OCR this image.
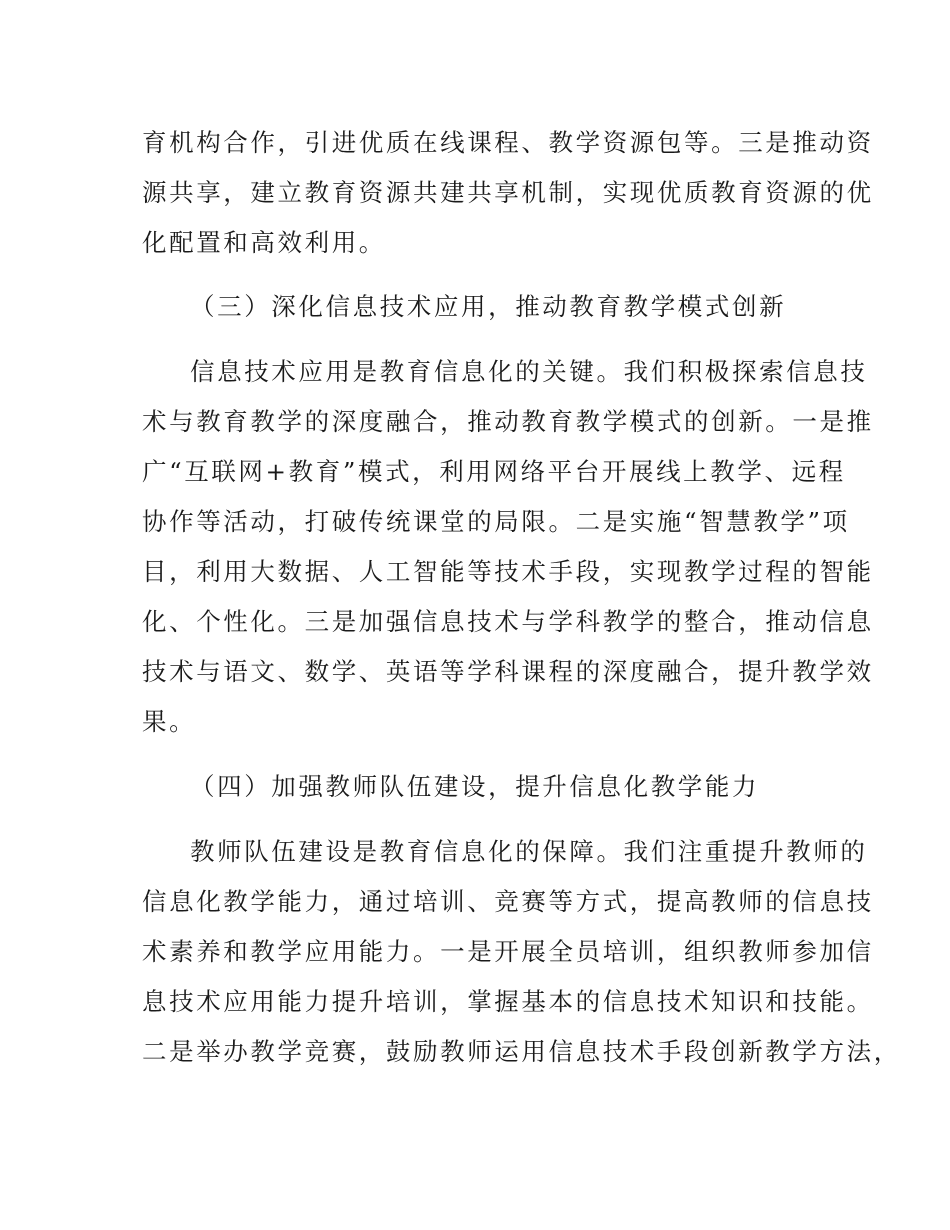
育机构合作，引进优质在线课程、教学资源包等。三是推动资
源共享，建立教育资源共建共享机制，实现优质教育资源的优
化配置和高效利用。
（三）深化信息技术应用，推动教育教学模式创新
信息技术应用是教育信息化的关键。我们积极探索信息技
术与教育教学的深度融合，推动教育教学模式的创新。一是推
广“互联网+教育”模式，利用网络平台开展线上教学、远程
协作等活动，打破传统课堂的局限。二是实施“智慧教学”项
目，利用大数据、人工智能等技术手段，实现教学过程的智能
化、个性化。三是加强信息技术与学科教学的整合，推动信息
技术与语文、数学、英语等学科课程的深度融合，提升教学效
果。
（四）加强教师队伍建设，提升信息化教学能力
教师队伍建设是教育信息化的保障。我们注重提升教师的
信息化教学能力，通过培训、竞赛等方式，提高教师的信息技
术素养和教学应用能力。一是开展全员培训，组织教师参加信
息技术应用能力提升培训，掌握基本的信息技术知识和技能。
二是举办教学竞赛，鼓励教师运用信息技术手段创新教学方法，
